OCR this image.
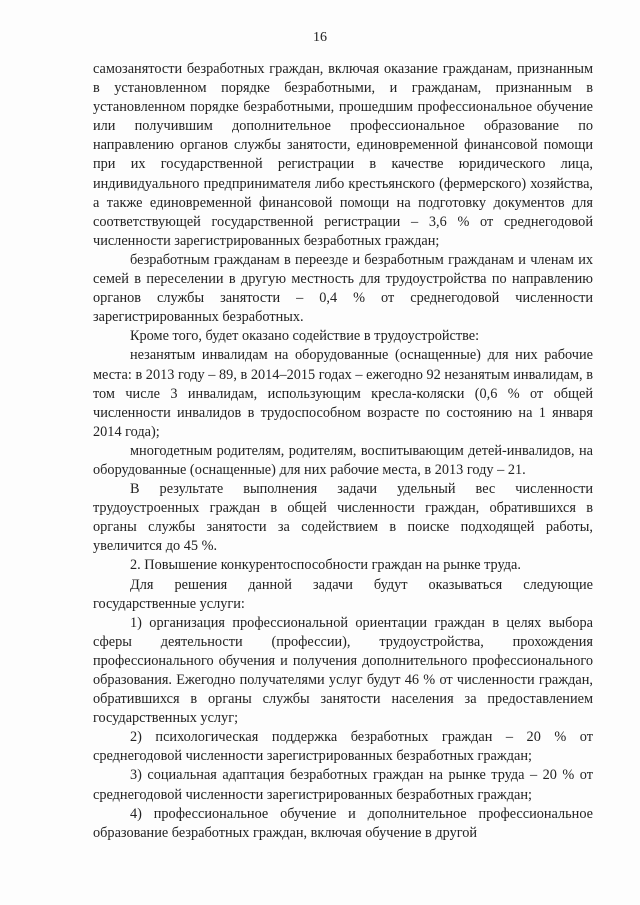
16

самозанятости безработных граждан, включая оказание гражданам, признанным в установленном порядке безработными, и гражданам, признанным в установленном порядке безработными, прошедшим профессиональное обучение или получившим дополнительное профессиональное образование по направлению органов службы занятости, единовременной финансовой помощи при их государственной регистрации в качестве юридического лица, индивидуального предпринимателя либо крестьянского (фермерского) хозяйства, а также единовременной финансовой помощи на подготовку документов для соответствующей государственной регистрации – 3,6 % от среднегодовой численности зарегистрированных безработных граждан;

безработным гражданам в переезде и безработным гражданам и членам их семей в переселении в другую местность для трудоустройства по направлению органов службы занятости – 0,4 % от среднегодовой численности зарегистрированных безработных.

Кроме того, будет оказано содействие в трудоустройстве:

незанятым инвалидам на оборудованные (оснащенные) для них рабочие места: в 2013 году – 89, в 2014–2015 годах – ежегодно 92 незанятым инвалидам, в том числе 3 инвалидам, использующим кресла-коляски (0,6 % от общей численности инвалидов в трудоспособном возрасте по состоянию на 1 января 2014 года);

многодетным родителям, родителям, воспитывающим детей-инвалидов, на оборудованные (оснащенные) для них рабочие места, в 2013 году – 21.

В результате выполнения задачи удельный вес численности трудоустроенных граждан в общей численности граждан, обратившихся в органы службы занятости за содействием в поиске подходящей работы, увеличится до 45 %.

2. Повышение конкурентоспособности граждан на рынке труда.

Для решения данной задачи будут оказываться следующие государственные услуги:

1) организация профессиональной ориентации граждан в целях выбора сферы деятельности (профессии), трудоустройства, прохождения профессионального обучения и получения дополнительного профессионального образования. Ежегодно получателями услуг будут 46 % от численности граждан, обратившихся в органы службы занятости населения за предоставлением государственных услуг;

2) психологическая поддержка безработных граждан – 20 % от среднегодовой численности зарегистрированных безработных граждан;

3) социальная адаптация безработных граждан на рынке труда – 20 % от среднегодовой численности зарегистрированных безработных граждан;

4) профессиональное обучение и дополнительное профессиональное образование безработных граждан, включая обучение в другой
